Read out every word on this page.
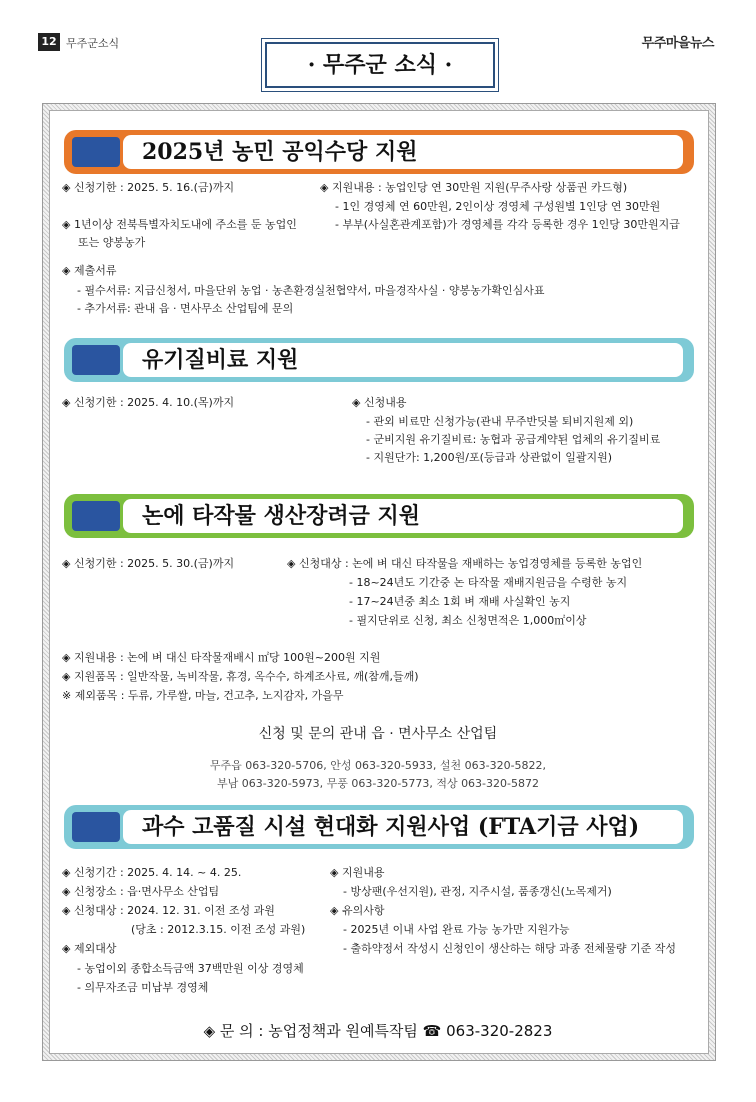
12 무주군소식	무주마을뉴스
· 무주군 소식 ·
2025년 농민 공익수당 지원
◈ 신청기한 : 2025. 5. 16.(금)까지
◈ 1년이상 전북특별자치도내에 주소를 둔 농업인
또는 양봉농가
◈ 지원내용 : 농업인당 연 30만원 지원(무주사랑 상품권 카드형)
- 1인 경영체 연 60만원, 2인이상 경영체 구성원별 1인당 연 30만원
- 부부(사실혼관계포함)가 경영체를 각각 등록한 경우 1인당 30만원지급
◈ 제출서류
- 필수서류: 지급신청서, 마을단위 농업 · 농촌환경실천협약서, 마을경작사실 · 양봉농가확인심사표
- 추가서류: 관내 읍 · 면사무소 산업팀에 문의
유기질비료 지원
◈ 신청기한 : 2025. 4. 10.(목)까지	◈ 신청내용
- 관외 비료만 신청가능(관내 무주반딧불 퇴비지원제 외)
- 군비지원 유기질비료: 농협과 공급계약된 업체의 유기질비료
- 지원단가: 1,200원/포(등급과 상관없이 일괄지원)
논에 타작물 생산장려금 지원
◈ 신청기한 : 2025. 5. 30.(금)까지	◈ 신청대상 : 논에 벼 대신 타작물을 재배하는 농업경영체를 등록한 농업인
- 18~24년도 기간중 논 타작물 재배지원금을 수령한 농지
- 17~24년중 최소 1회 벼 재배 사실확인 농지
- 필지단위로 신청, 최소 신청면적은 1,000㎡이상
◈ 지원내용 : 논에 벼 대신 타작물재배시 ㎡당 100원~200원 지원
◈ 지원품목 : 일반작물, 녹비작물, 휴경, 옥수수, 하계조사료, 깨(참깨,들깨)
※ 제외품목 : 두류, 가루쌀, 마늘, 건고추, 노지감자, 가을무
신청 및 문의 관내 읍 · 면사무소 산업팀
무주읍 063-320-5706, 안성 063-320-5933, 설천 063-320-5822,
부남 063-320-5973, 무풍 063-320-5773, 적상 063-320-5872
과수 고품질 시설 현대화 지원사업 (FTA기금 사업)
◈ 신청기간 : 2025. 4. 14. ~ 4. 25.
◈ 신청장소 : 읍·면사무소 산업팀
◈ 신청대상 : 2024. 12. 31. 이전 조성 과원
(당초 : 2012.3.15. 이전 조성 과원)
◈ 제외대상
- 농업이외 종합소득금액 37백만원 이상 경영체
- 의무자조금 미납부 경영체
◈ 지원내용
- 방상팬(우선지원), 관정, 지주시설, 품종갱신(노목제거)
◈ 유의사항
- 2025년 이내 사업 완료 가능 농가만 지원가능
- 출하약정서 작성시 신청인이 생산하는 해당 과종 전체물량 기준 작성
◈ 문 의 : 농업정책과 원예특작팀 ☎ 063-320-2823
